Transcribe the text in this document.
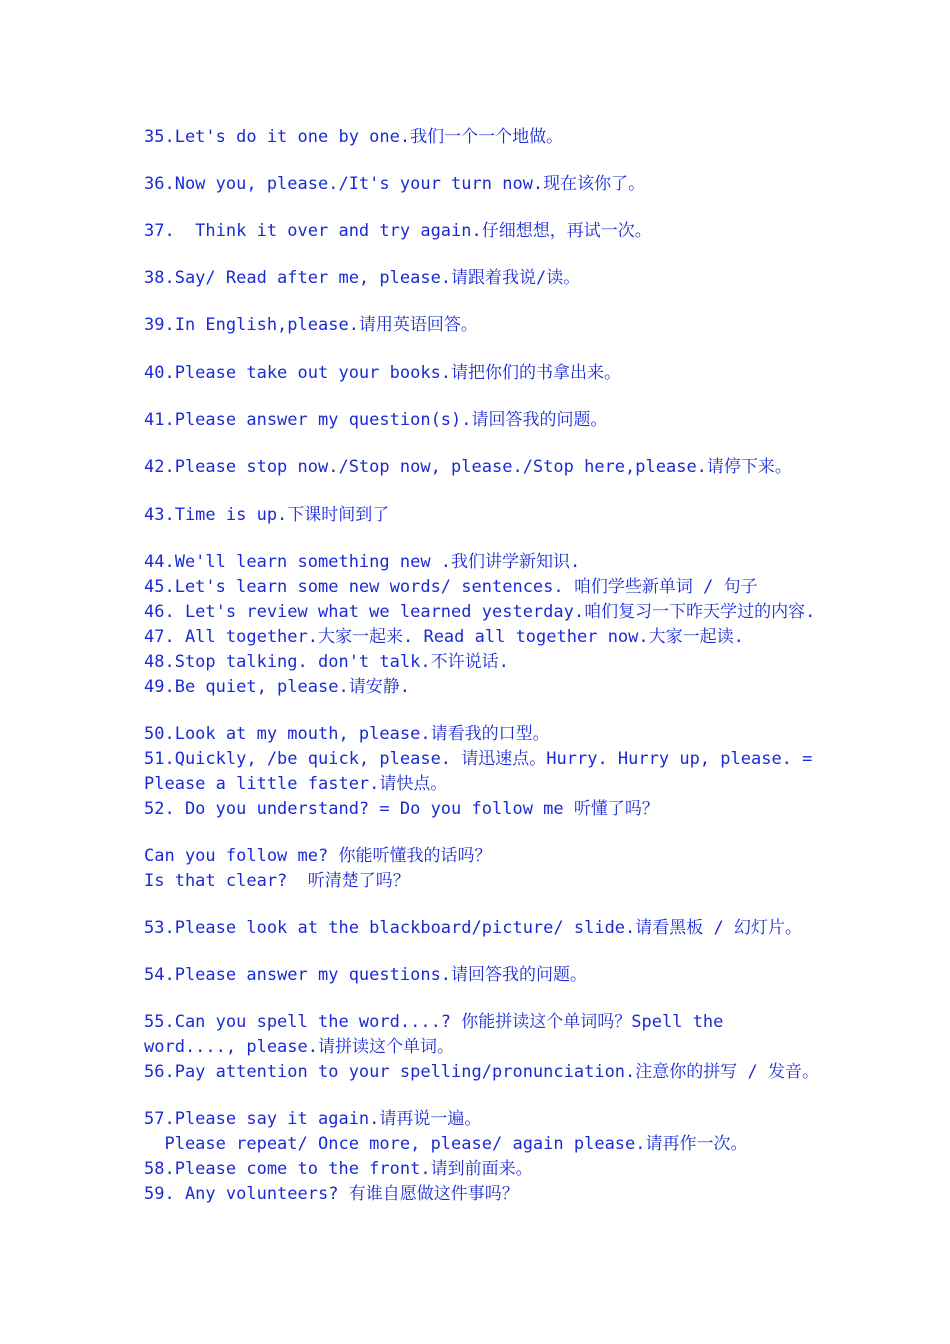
35.Let's do it one by one.我们一个一个地做。
36.Now you, please./It's your turn now.现在该你了。
37.  Think it over and try again.仔细想想，再试一次。
38.Say/ Read after me, please.请跟着我说/读。
39.In English,please.请用英语回答。
40.Please take out your books.请把你们的书拿出来。
41.Please answer my question(s).请回答我的问题。
42.Please stop now./Stop now, please./Stop here,please.请停下来。
43.Time is up.下课时间到了
44.We'll learn something new .我们讲学新知识.
45.Let's learn some new words/ sentences. 咱们学些新单词 / 句子
46. Let's review what we learned yesterday.咱们复习一下昨天学过的内容.
47. All together.大家一起来. Read all together now.大家一起读.
48.Stop talking. don't talk.不许说话.
49.Be quiet, please.请安静.
50.Look at my mouth, please.请看我的口型。
51.Quickly, /be quick, please. 请迅速点。Hurry. Hurry up, please. =
Please a little faster.请快点。
52. Do you understand? = Do you follow me 听懂了吗？
Can you follow me? 你能听懂我的话吗？
Is that clear?  听清楚了吗？
53.Please look at the blackboard/picture/ slide.请看黑板 / 幻灯片。
54.Please answer my questions.请回答我的问题。
55.Can you spell the word....? 你能拼读这个单词吗？Spell the
word...., please.请拼读这个单词。
56.Pay attention to your spelling/pronunciation.注意你的拼写 / 发音。
57.Please say it again.请再说一遍。
Please repeat/ Once more, please/ again please.请再作一次。
58.Please come to the front.请到前面来。
59. Any volunteers? 有谁自愿做这件事吗？
